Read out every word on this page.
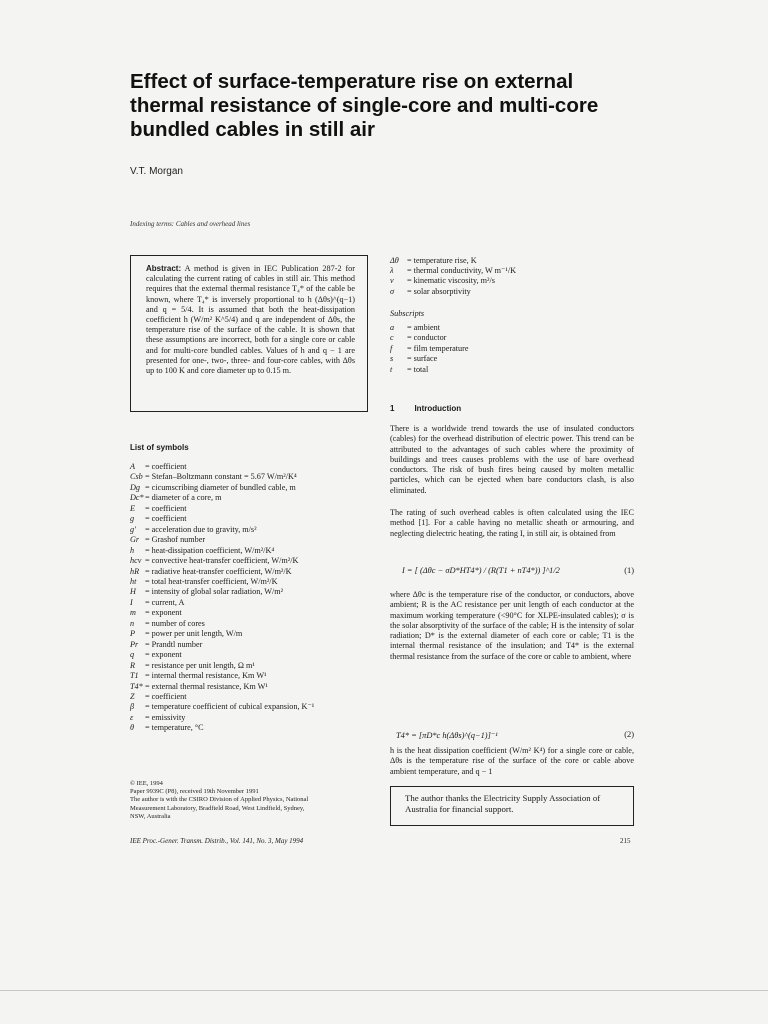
Effect of surface-temperature rise on external thermal resistance of single-core and multi-core bundled cables in still air
V.T. Morgan
Indexing terms: Cables and overhead lines
Abstract: A method is given in IEC Publication 287-2 for calculating the current rating of cables in still air. This method requires that the external thermal resistance T₄* of the cable be known, where T₄* is inversely proportional to h (Δθs)^(q−1) and q = 5/4. It is assumed that both the heat-dissipation coefficient h (W/m² K^5/4) and q are independent of Δθs, the temperature rise of the surface of the cable. It is shown that these assumptions are incorrect, both for a single core or cable and for multi-core bundled cables. Values of h and q − 1 are presented for one-, two-, three- and four-core cables, with Δθs up to 100 K and core diameter up to 0.15 m.
List of symbols
A	= coefficient
Csb = Stefan–Boltzmann constant = 5.67 W/m²/K⁴
Dg = cicumscribing diameter of bundled cable, m
Dc* = diameter of a core, m
E	= coefficient
g	= coefficient
g′	= acceleration due to gravity, m/s²
Gr = Grashof number
h	= heat-dissipation coefficient, W/m²/K⁴
hcv = convective heat-transfer coefficient, W/m²/K
hR = radiative heat-transfer coefficient, W/m²/K
ht	= total heat-transfer coefficient, W/m²/K
H	= intensity of global solar radiation, W/m²
I	= current, A
m	= exponent
n	= number of cores
P	= power per unit length, W/m
Pr = Prandtl number
q	= exponent
R	= resistance per unit length, Ω m¹
T1 = internal thermal resistance, Km W¹
T4* = external thermal resistance, Km W¹
Z	= coefficient
β	= temperature coefficient of cubical expansion, K⁻¹
ε	= emissivity
θ	= temperature, °C
© IEE, 1994
Paper 9939C (P8), received 19th November 1991
The author is with the CSIRO Division of Applied Physics, National
Measurement Laboratory, Bradfield Road, West Lindfield, Sydney,
NSW, Australia
IEE Proc.-Gener. Transm. Distrib., Vol. 141, No. 3, May 1994	215
Δθ = temperature rise, K
λ	= thermal conductivity, W m⁻¹/K
ν	= kinematic viscosity, m²/s
σ	= solar absorptivity
Subscripts
a	= ambient
c	= conductor
f	= film temperature
s	= surface
t	= total
1	Introduction
There is a worldwide trend towards the use of insulated conductors (cables) for the overhead distribution of electric power. This trend can be attributed to the advantages of such cables where the proximity of buildings and trees causes problems with the use of bare overhead conductors. The risk of bush fires being caused by molten metallic particles, which can be ejected when bare conductors clash, is also eliminated.
The rating of such overhead cables is often calculated using the IEC method [1]. For a cable having no metallic sheath or armouring, and neglecting dielectric heating, the rating I, in still air, is obtained from
I = [ (Δθc − σD*HT4*) / (R(T1 + nT4*)) ]^1/2	(1)
where Δθc is the temperature rise of the conductor, or conductors, above ambient; R is the AC resistance per unit length of each conductor at the maximum working temperature (<90°C for XLPE-insulated cables); σ is the solar absorptivity of the surface of the cable; H is the intensity of solar radiation; D* is the external diameter of each core or cable; T1 is the internal thermal resistance of the insulation; and T4* is the external thermal resistance from the surface of the core or cable to ambient, where
T4* = [πD*c h(Δθs)^(q−1)]⁻¹	(2)
h is the heat dissipation coefficient (W/m² K⁴) for a single core or cable, Δθs is the temperature rise of the surface of the core or cable above ambient temperature, and q − 1
The author thanks the Electricity Supply Association of Australia for financial support.
